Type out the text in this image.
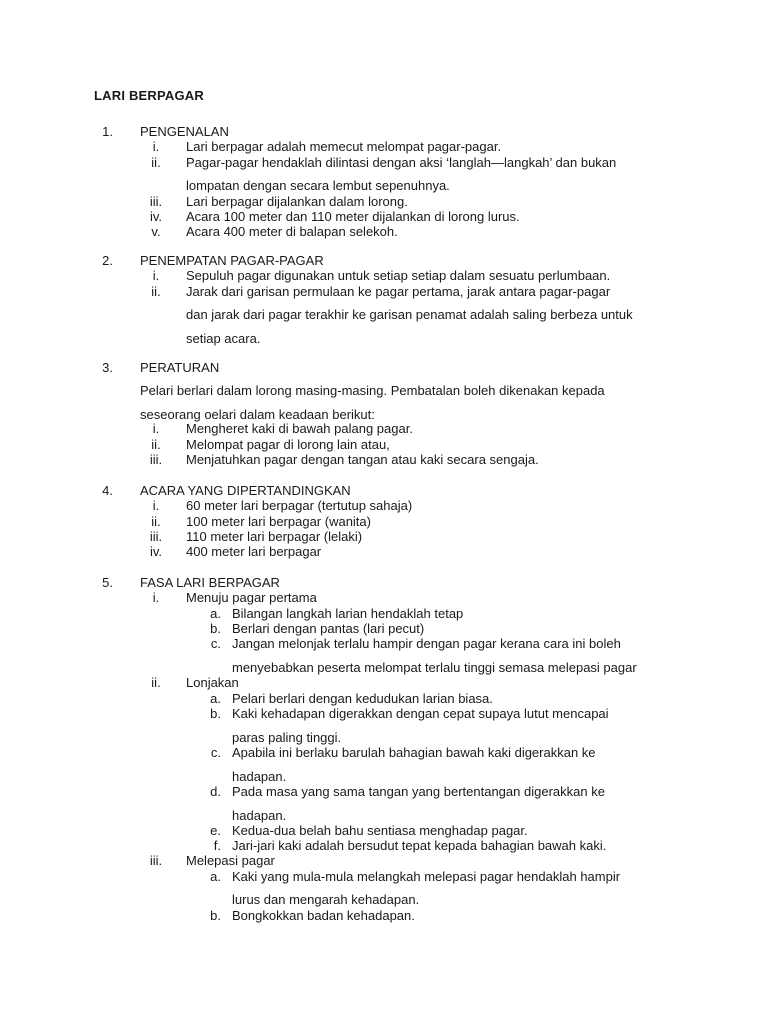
LARI BERPAGAR
1. PENGENALAN
i.	Lari berpagar adalah memecut melompat pagar-pagar.
ii.	Pagar-pagar hendaklah dilintasi dengan aksi ‘langlah—langkah’ dan bukan
lompatan dengan secara lembut sepenuhnya.
iii.	Lari berpagar dijalankan dalam lorong.
iv.	Acara 100 meter dan 110 meter dijalankan di lorong lurus.
v.	Acara 400 meter di balapan selekoh.
2. PENEMPATAN PAGAR-PAGAR
i.	Sepuluh pagar digunakan untuk setiap setiap dalam sesuatu perlumbaan.
ii.	Jarak dari garisan permulaan ke pagar pertama, jarak antara pagar-pagar
dan jarak dari pagar terakhir ke garisan penamat adalah saling berbeza untuk
setiap acara.
3. PERATURAN
Pelari berlari dalam lorong masing-masing. Pembatalan boleh dikenakan kepada
seseorang oelari dalam keadaan berikut:
i.	Mengheret kaki di bawah palang pagar.
ii.	Melompat pagar di lorong lain atau,
iii.	Menjatuhkan pagar dengan tangan atau kaki secara sengaja.
4. ACARA YANG DIPERTANDINGKAN
i.	60 meter lari berpagar (tertutup sahaja)
ii.	100 meter lari berpagar (wanita)
iii.	110 meter lari berpagar (lelaki)
iv.	400 meter lari berpagar
5. FASA LARI BERPAGAR
i.	Menuju pagar pertama
a. Bilangan langkah larian hendaklah tetap
b. Berlari dengan pantas (lari pecut)
c. Jangan melonjak terlalu hampir dengan pagar kerana cara ini boleh
menyebabkan peserta melompat terlalu tinggi semasa melepasi pagar
ii.	Lonjakan
a. Pelari berlari dengan kedudukan larian biasa.
b. Kaki kehadapan digerakkan dengan cepat supaya lutut mencapai
paras paling tinggi.
c. Apabila ini berlaku barulah bahagian bawah kaki digerakkan ke
hadapan.
d. Pada masa yang sama tangan yang bertentangan digerakkan ke
hadapan.
e. Kedua-dua belah bahu sentiasa menghadap pagar.
f. Jari-jari kaki adalah bersudut tepat kepada bahagian bawah kaki.
iii.	Melepasi pagar
a. Kaki yang mula-mula melangkah melepasi pagar hendaklah hampir
lurus dan mengarah kehadapan.
b. Bongkokkan badan kehadapan.
